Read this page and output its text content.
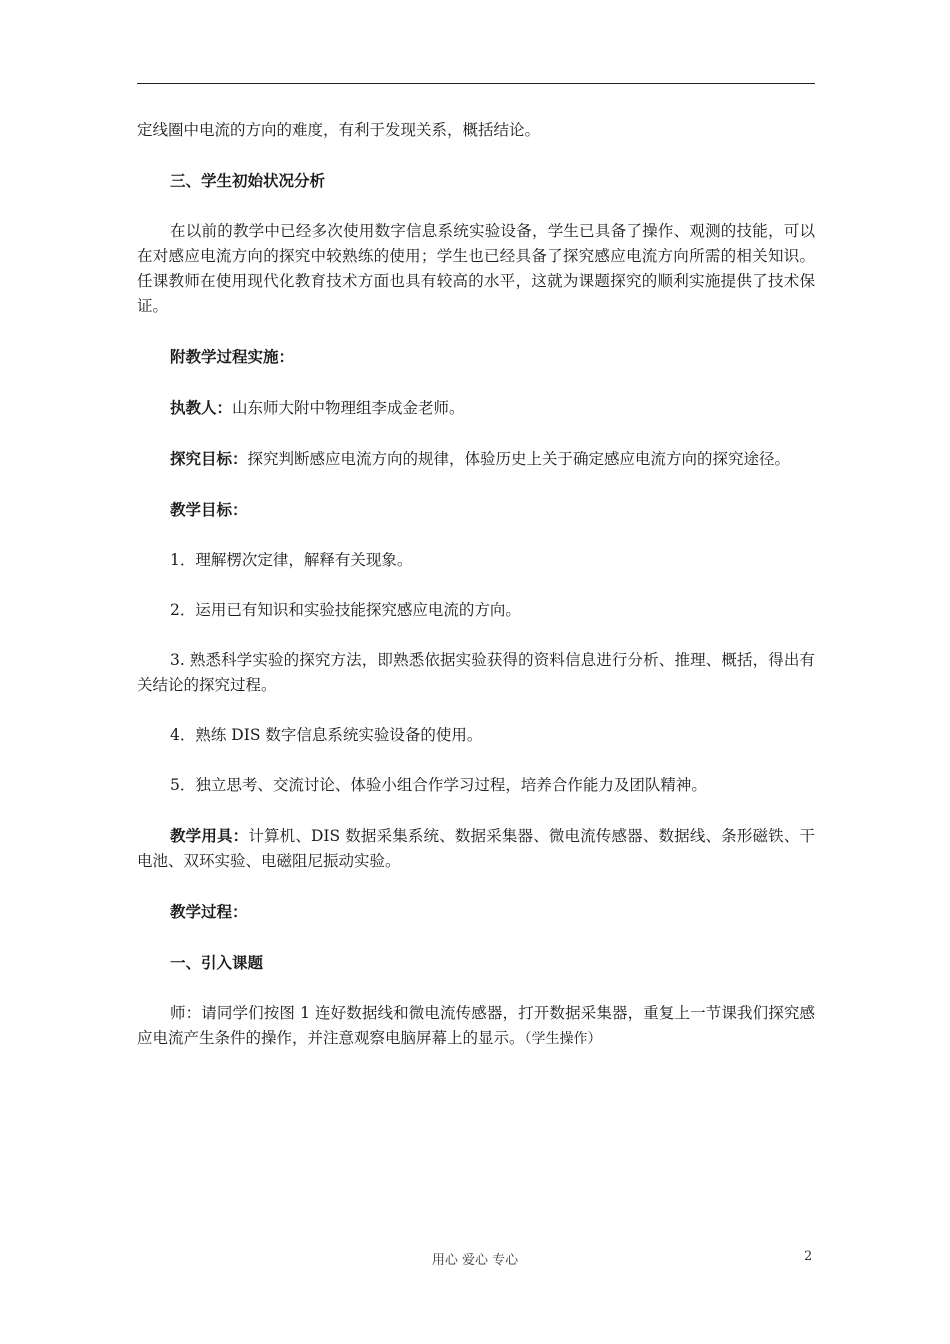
定线圈中电流的方向的难度，有利于发现关系，概括结论。

三、学生初始状况分析

在以前的教学中已经多次使用数字信息系统实验设备，学生已具备了操作、观测的技能，可以在对感应电流方向的探究中较熟练的使用；学生也已经具备了探究感应电流方向所需的相关知识。任课教师在使用现代化教育技术方面也具有较高的水平，这就为课题探究的顺利实施提供了技术保证。

附教学过程实施：

执教人：山东师大附中物理组李成金老师。

探究目标：探究判断感应电流方向的规律，体验历史上关于确定感应电流方向的探究途径。

教学目标：

1．理解楞次定律，解释有关现象。

2．运用已有知识和实验技能探究感应电流的方向。

3. 熟悉科学实验的探究方法，即熟悉依据实验获得的资料信息进行分析、推理、概括，得出有关结论的探究过程。

4．熟练 DIS 数字信息系统实验设备的使用。

5．独立思考、交流讨论、体验小组合作学习过程，培养合作能力及团队精神。

教学用具：计算机、DIS 数据采集系统、数据采集器、微电流传感器、数据线、条形磁铁、干电池、双环实验、电磁阻尼振动实验。

教学过程：

一、引入课题

师：请同学们按图 1 连好数据线和微电流传感器，打开数据采集器，重复上一节课我们探究感应电流产生条件的操作，并注意观察电脑屏幕上的显示。（学生操作）

用心 爱心 专心	2
